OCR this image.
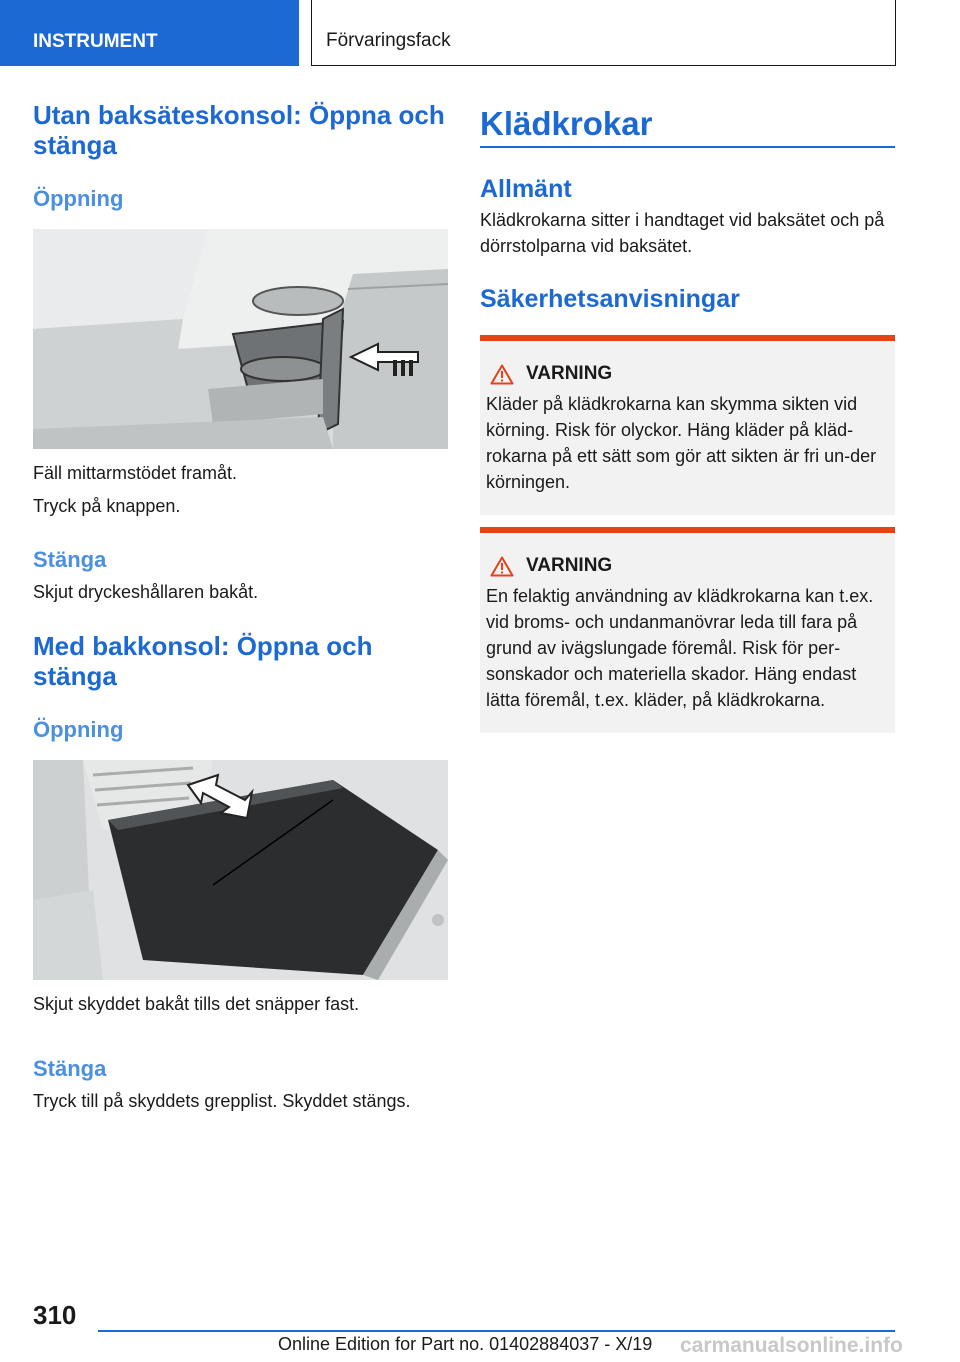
INSTRUMENT	Förvaringsfack
Utan baksäteskonsol: Öppna och stänga
Öppning
Fäll mittarmstödet framåt.
Tryck på knappen.
Stänga
Skjut dryckeshållaren bakåt.
Med bakkonsol: Öppna och stänga
Öppning
Skjut skyddet bakåt tills det snäpper fast.
Stänga
Tryck till på skyddets grepplist. Skyddet stängs.
Klädkrokar
Allmänt
Klädkrokarna sitter i handtaget vid baksätet och på dörrstolparna vid baksätet.
Säkerhetsanvisningar
VARNING
Kläder på klädkrokarna kan skymma sikten vid körning. Risk för olyckor. Häng kläder på kläd-rokarna på ett sätt som gör att sikten är fri un-der körningen.
VARNING
En felaktig användning av klädkrokarna kan t.ex. vid broms- och undanmanövrar leda till fara på grund av ivägslungade föremål. Risk för per-sonskador och materiella skador. Häng endast lätta föremål, t.ex. kläder, på klädkrokarna.
310
Online Edition for Part no. 01402884037 - X/19 carmanualsonline.info
